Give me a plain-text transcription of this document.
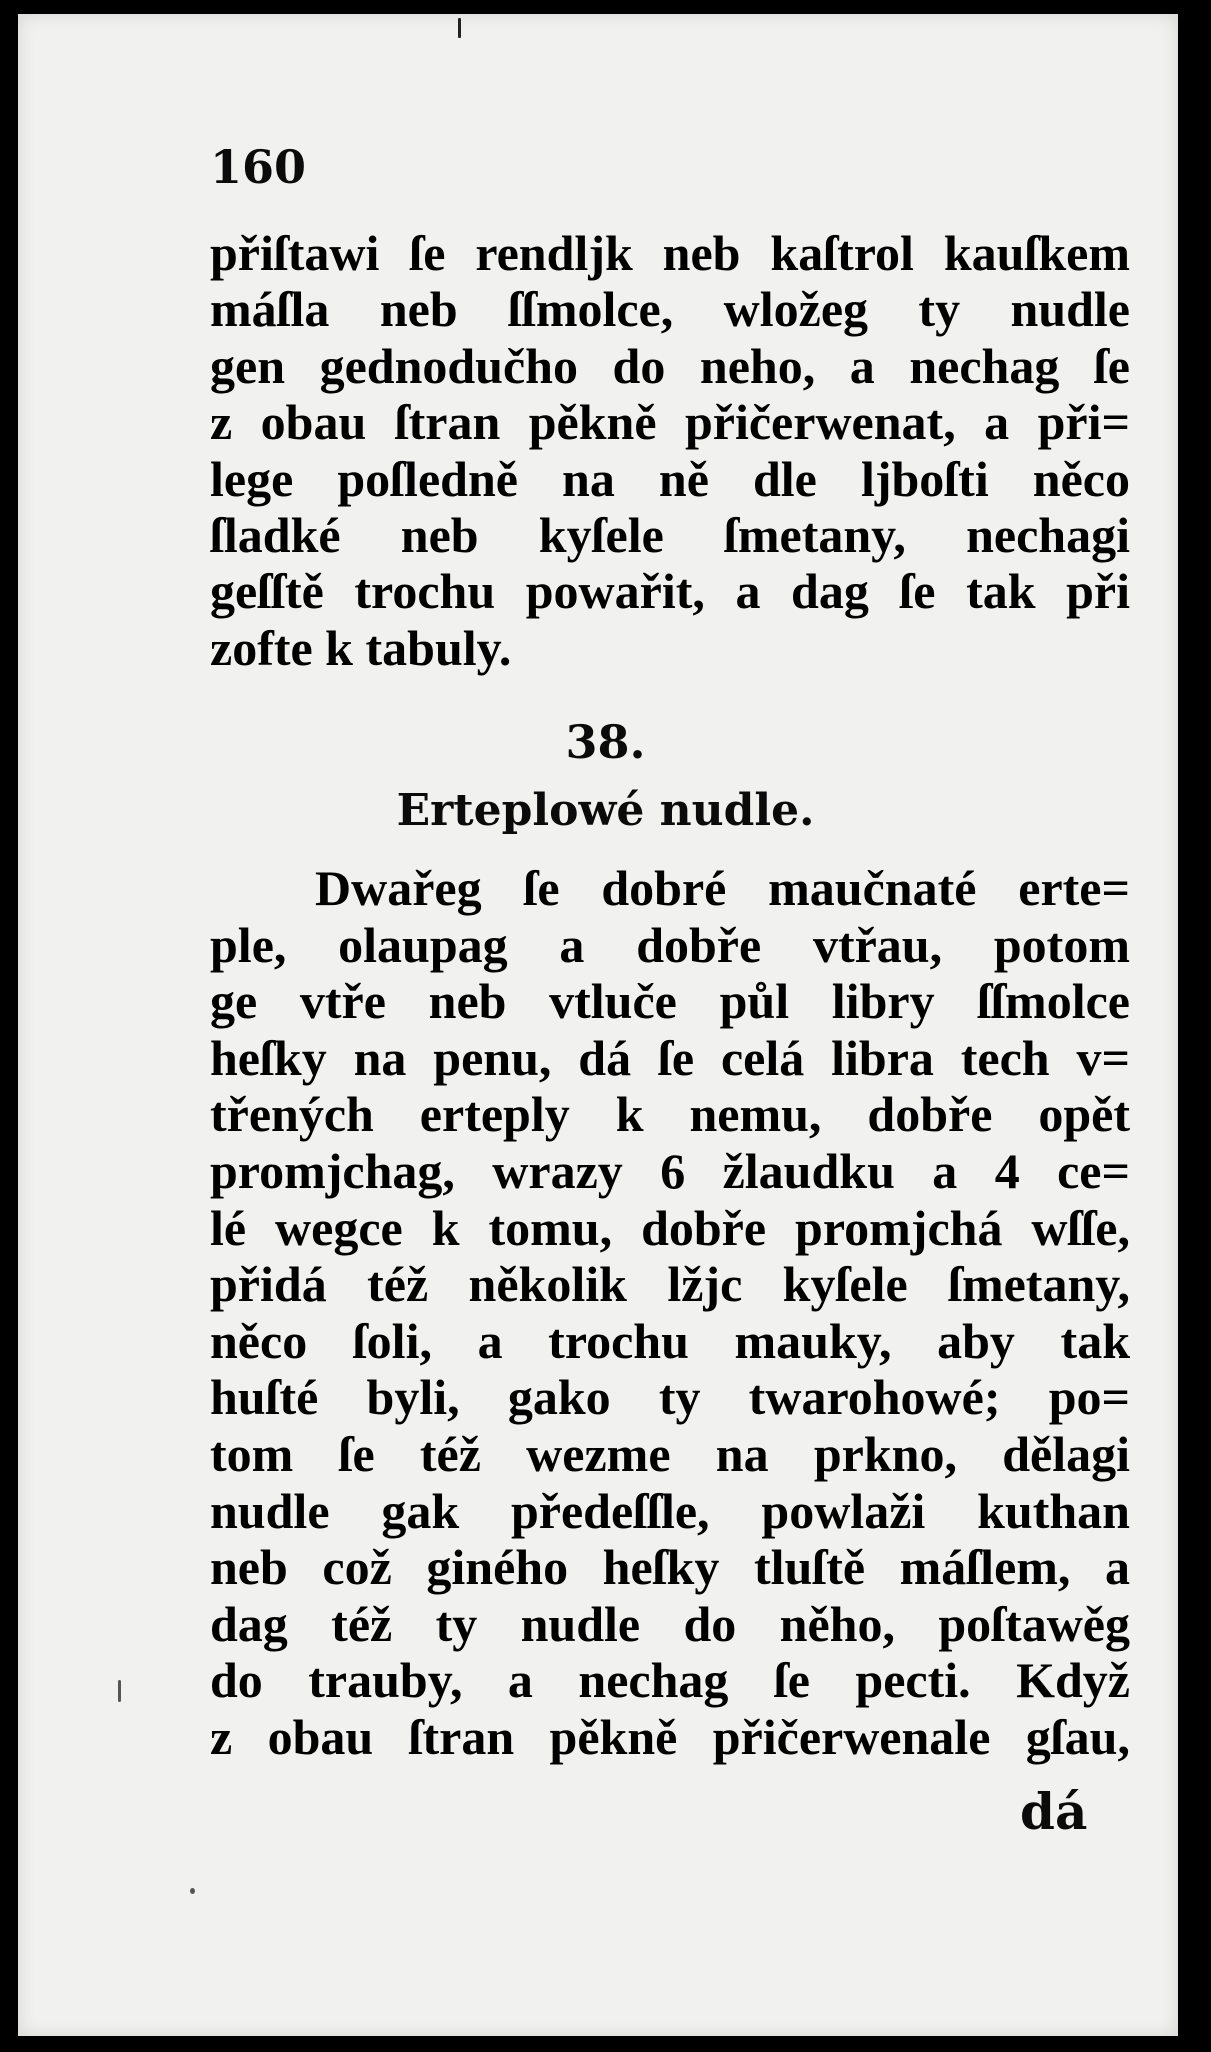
160
přiſtawi ſe rendljk neb kaſtrol kauſkem
máſla neb ſſmolce, wložeg ty nudle
gen gednodučho do neho, a nechag ſe
z obau ſtran pěkně přičerwenat, a při=
lege poſledně na ně dle ljboſti něco
ſladké neb kyſele ſmetany, nechagi
geſſtě trochu powařit, a dag ſe tak při
zofte k tabuly.
38.
Erteplowé nudle.
Dwařeg ſe dobré maučnaté erte=
ple, olaupag a dobře vtřau, potom
ge vtře neb vtluče půl libry ſſmolce
heſky na penu, dá ſe celá libra tech v=
třených erteply k nemu, dobře opět
promjchag, wrazy 6 žlaudku a 4 ce=
lé wegce k tomu, dobře promjchá wſſe,
přidá též několik lžjc kyſele ſmetany,
něco ſoli, a trochu mauky, aby tak
huſté byli, gako ty twarohowé; po=
tom ſe též wezme na prkno, dělagi
nudle gak předeſſle, powlaži kuthan
neb což giného heſky tluſtě máſlem, a
dag též ty nudle do něho, poſtawěg
do trauby, a nechag ſe pecti. Když
z obau ſtran pěkně přičerwenale gſau,
dá
